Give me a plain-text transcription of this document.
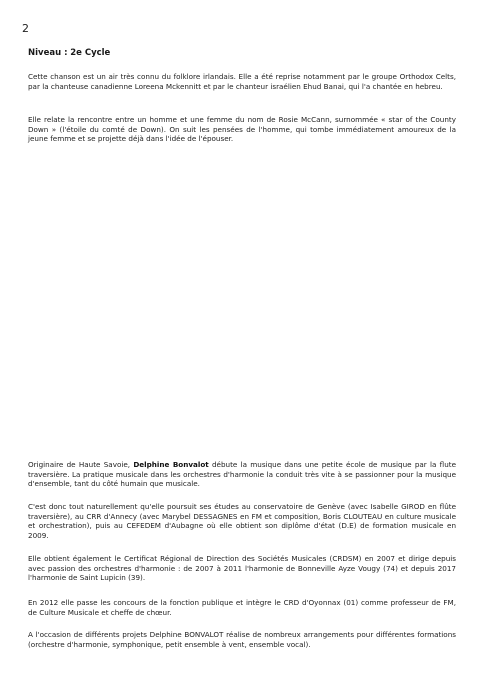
2
Niveau : 2e Cycle
Cette chanson est un air très connu du folklore irlandais. Elle a été reprise notamment par le groupe Orthodox Celts, par la chanteuse canadienne Loreena Mckennitt et par le chanteur israélien Ehud Banai, qui l'a chantée en hebreu.
Elle relate la rencontre entre un homme et une femme du nom de Rosie McCann, surnommée « star of the County Down » (l'étoile du comté de Down). On suit les pensées de l'homme, qui tombe immédiatement amoureux de la jeune femme et se projette déjà dans l'idée de l'épouser.
Originaire de Haute Savoie, Delphine Bonvalot débute la musique dans une petite école de musique par la flute traversière. La pratique musicale dans les orchestres d'harmonie la conduit très vite à se passionner pour la musique d'ensemble, tant du côté humain que musicale.
C'est donc tout naturellement qu'elle poursuit ses études au conservatoire de Genève (avec Isabelle GIROD en flûte traversière), au CRR d'Annecy (avec Marybel DESSAGNES en FM et composition, Boris CLOUTEAU en culture musicale et orchestration), puis au CEFEDEM d'Aubagne où elle obtient son diplôme d'état (D.E) de formation musicale en 2009.
Elle obtient également le Certificat Régional de Direction des Sociétés Musicales (CRDSM) en 2007 et dirige depuis avec passion des orchestres d'harmonie : de 2007 à 2011 l'harmonie de Bonneville Ayze Vougy (74) et depuis 2017 l'harmonie de Saint Lupicin (39).
En 2012 elle passe les concours de la fonction publique et intègre le CRD d'Oyonnax (01) comme professeur de FM, de Culture Musicale et cheffe de chœur.
A l'occasion de différents projets Delphine BONVALOT réalise de nombreux arrangements pour différentes formations (orchestre d'harmonie, symphonique, petit ensemble à vent, ensemble vocal).
